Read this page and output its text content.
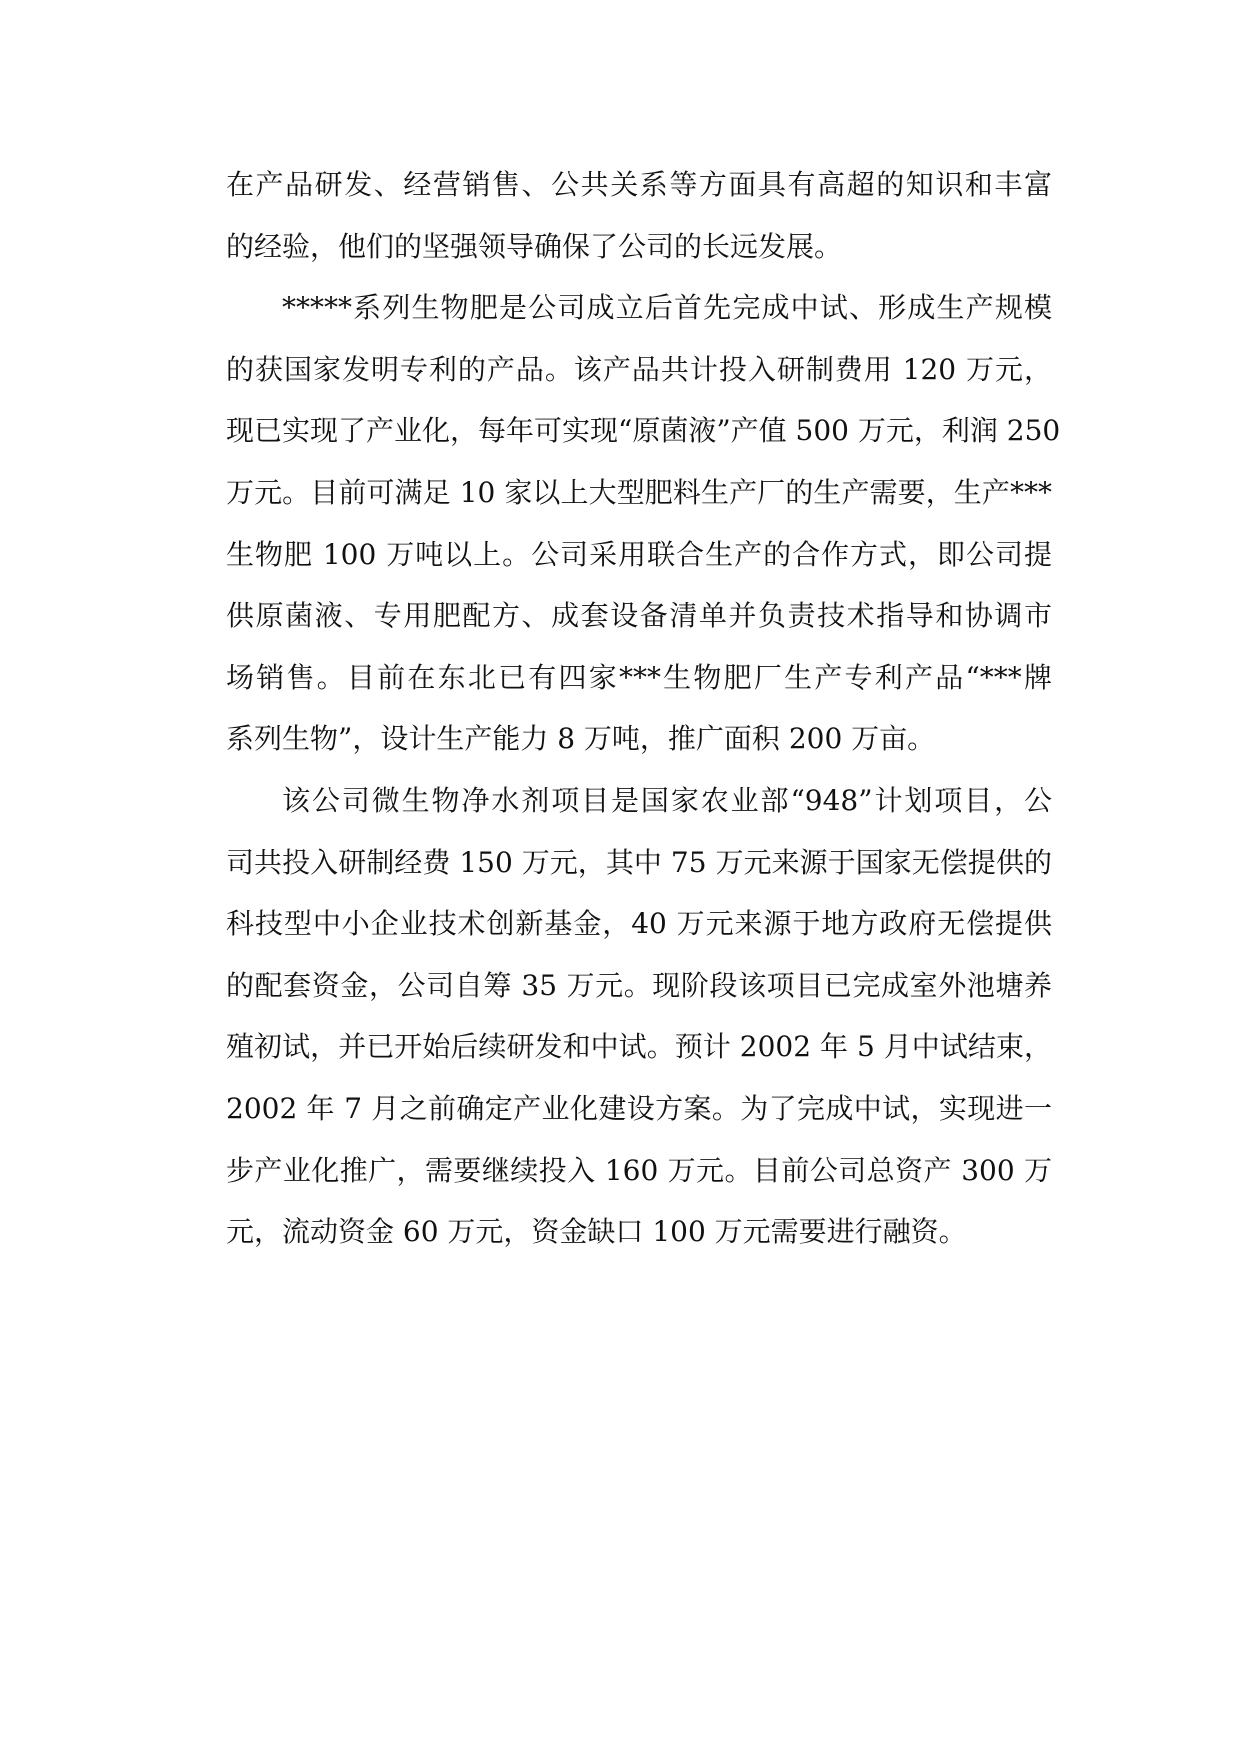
在产品研发、经营销售、公共关系等方面具有高超的知识和丰富
的经验，他们的坚强领导确保了公司的长远发展。
*****系列生物肥是公司成立后首先完成中试、形成生产规模
的获国家发明专利的产品。该产品共计投入研制费用 120 万元，
现已实现了产业化，每年可实现“原菌液”产值 500 万元，利润 250
万元。目前可满足 10 家以上大型肥料生产厂的生产需要，生产***
生物肥 100 万吨以上。公司采用联合生产的合作方式，即公司提
供原菌液、专用肥配方、成套设备清单并负责技术指导和协调市
场销售。目前在东北已有四家***生物肥厂生产专利产品“***牌
系列生物”，设计生产能力 8 万吨，推广面积 200 万亩。
该公司微生物净水剂项目是国家农业部“948”计划项目，公
司共投入研制经费 150 万元，其中 75 万元来源于国家无偿提供的
科技型中小企业技术创新基金，40 万元来源于地方政府无偿提供
的配套资金，公司自筹 35 万元。现阶段该项目已完成室外池塘养
殖初试，并已开始后续研发和中试。预计 2002 年 5 月中试结束，
2002 年 7 月之前确定产业化建设方案。为了完成中试，实现进一
步产业化推广，需要继续投入 160 万元。目前公司总资产 300 万
元，流动资金 60 万元，资金缺口 100 万元需要进行融资。
